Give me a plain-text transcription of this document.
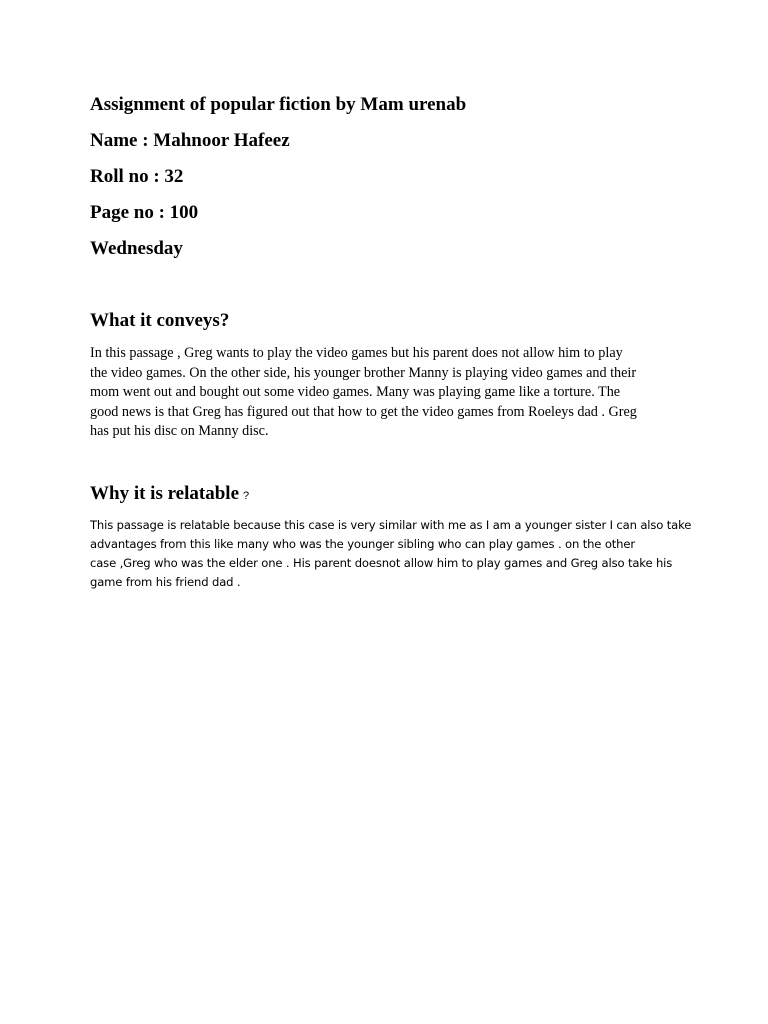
Assignment of popular fiction by Mam urenab

Name : Mahnoor Hafeez

Roll no : 32

Page no : 100

Wednesday

What it conveys?

In this passage , Greg wants to play the video games but his parent does not allow him to play
the video games. On the other side, his younger brother Manny is playing video games and their
mom went out and bought out some video games. Many was playing game like a torture. The
good news is that Greg has figured out that how to get the video games from Roeleys dad . Greg
has put his disc on Manny disc.

Why it is relatable ?

This passage is relatable because this case is very similar with me as I am a younger sister I can also take
advantages from this like many who was the younger sibling who can play games . on the other
case ,Greg who was the elder one . His parent doesnot allow him to play games and Greg also take his
game from his friend dad .
